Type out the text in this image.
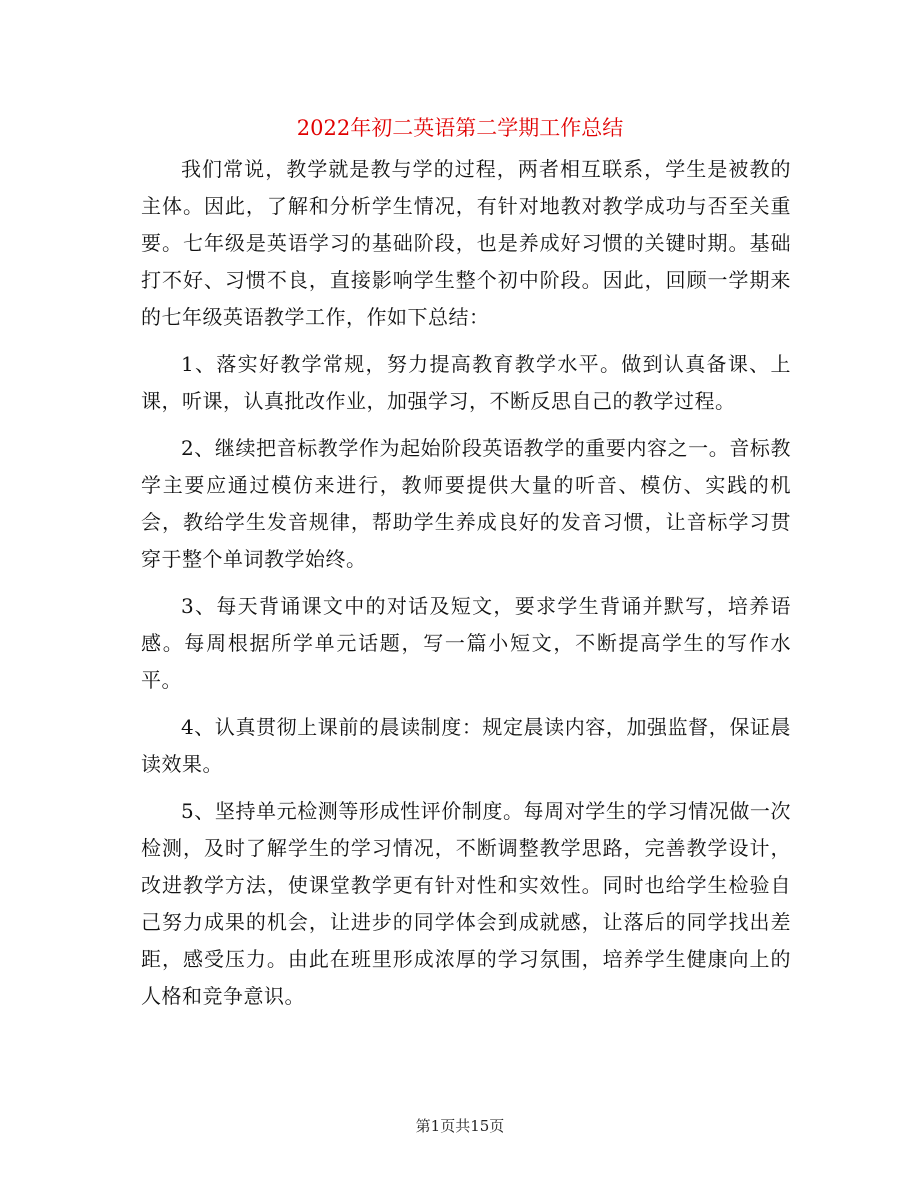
2022年初二英语第二学期工作总结

我们常说，教学就是教与学的过程，两者相互联系，学生是被教的主体。因此，了解和分析学生情况，有针对地教对教学成功与否至关重要。七年级是英语学习的基础阶段，也是养成好习惯的关键时期。基础打不好、习惯不良，直接影响学生整个初中阶段。因此，回顾一学期来的七年级英语教学工作，作如下总结：

1、落实好教学常规，努力提高教育教学水平。做到认真备课、上课，听课，认真批改作业，加强学习，不断反思自己的教学过程。

2、继续把音标教学作为起始阶段英语教学的重要内容之一。音标教学主要应通过模仿来进行，教师要提供大量的听音、模仿、实践的机会，教给学生发音规律，帮助学生养成良好的发音习惯，让音标学习贯穿于整个单词教学始终。

3、每天背诵课文中的对话及短文，要求学生背诵并默写，培养语感。每周根据所学单元话题，写一篇小短文，不断提高学生的写作水平。

4、认真贯彻上课前的晨读制度：规定晨读内容，加强监督，保证晨读效果。

5、坚持单元检测等形成性评价制度。每周对学生的学习情况做一次检测，及时了解学生的学习情况，不断调整教学思路，完善教学设计，改进教学方法，使课堂教学更有针对性和实效性。同时也给学生检验自己努力成果的机会，让进步的同学体会到成就感，让落后的同学找出差距，感受压力。由此在班里形成浓厚的学习氛围，培养学生健康向上的人格和竞争意识。

第1页共15页
